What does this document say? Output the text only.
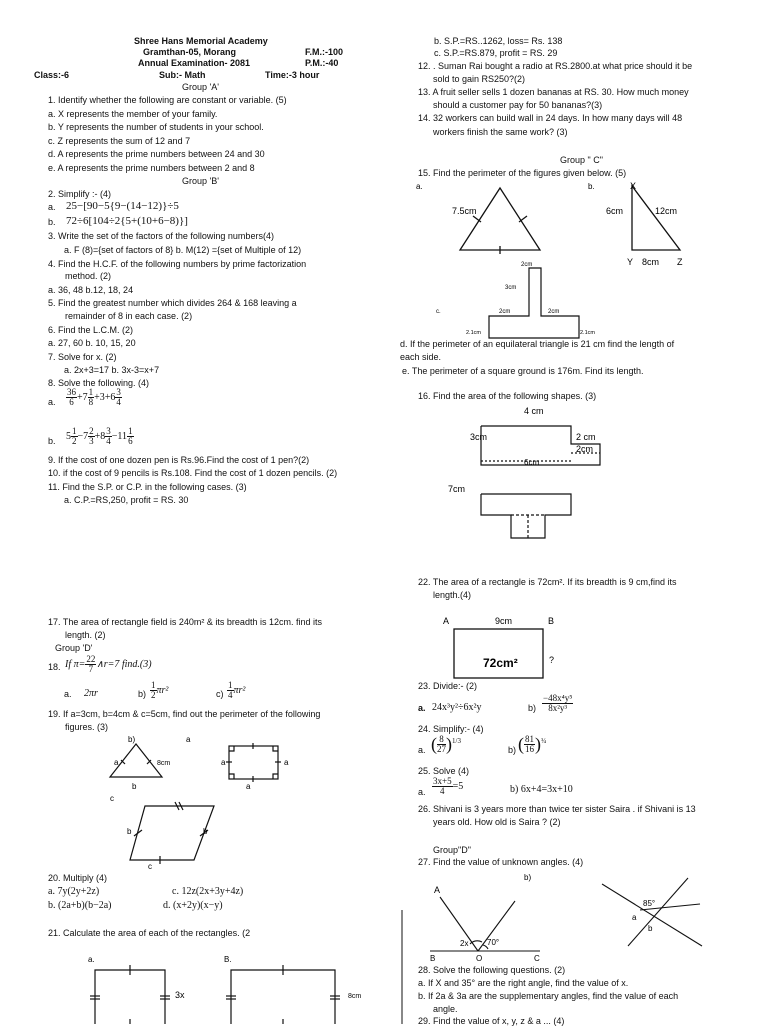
Shree Hans Memorial Academy
Gramthan-05, Morang	F.M.:-100
Annual Examination- 2081	P.M.:-40
Class:-6	Sub:- Math	Time:-3 hour
Group 'A'
1. Identify whether the following are constant or variable. (5)
a. X represents the member of your family.
b. Y represents the number of students in your school.
c. Z represents the sum of 12 and 7
d. A represents the prime numbers between 24 and 30
e. A represents the prime numbers between 2 and 8
Group 'B'
2. Simplify :- (4)
a. 25−[90−5{9−(14−12)}÷5
b. 72÷6[104÷2{5+(10+6−8)}]
3. Write the set of the factors of the following numbers(4)
a. F (8)={set of factors of 8} b. M(12) ={set of Multiple of 12)
4. Find the H.C.F. of the following numbers by prime factorization
method. (2)
a. 36, 48 b.12, 18, 24
5. Find the greatest number which divides 264 & 168 leaving a
remainder of 8 in each case. (2)
6. Find the L.C.M. (2)
a. 27, 60 b. 10, 15, 20
7. Solve for x. (2)
a. 2x+3=17 b. 3x-3=x+7
8. Solve the following. (4)
a. $\frac{36}{6} +7 \frac{1}{8} +3+6 \frac{3}{4}$
b. $5 \frac{1}{2} -7 \frac{2}{3} +8 \frac{3}{4} -11 \frac{1}{6}$
9. If the cost of one dozen pen is Rs.96.Find the cost of 1 pen?(2)
10. if the cost of 9 pencils is Rs.108. Find the cost of 1 dozen pencils. (2)
11. Find the S.P. or C.P. in the following cases. (3)
a. C.P.=RS,250, profit = RS. 30
17. The area of rectangle field is 240m² & its breadth is 12cm. find its
length. (2)
Group 'D'
18. If $\pi= \frac{22}{7}$ ∧r=7 find.(3)
a. 2πr	$b) \frac{1}{2} \pi r^2$	$c) \frac{1}{4} \pi r^2$
19. If a=3cm, b=4cm & c=5cm, find out the perimeter of the following
figures. (3)
20. Multiply (4)
a. 7y(2y+2z)	c. 12z(2x+3y+4z)
b. (2a+b)(b−2a)	d. (x+2y)(x−y)
21. Calculate the area of each of the rectangles. (2
b. S.P.=RS..1262, loss= Rs. 138
c. S.P.=RS.879, profit = RS. 29
12. . Suman Rai bought a radio at RS.2800.at what price should it be
sold to gain RS250?(2)
13. A fruit seller sells 1 dozen bananas at RS. 30. How much money
should a customer pay for 50 bananas?(3)
14. 32 workers can build wall in 24 days. In how many days will 48
workers finish the same work? (3)
Group " C"
15. Find the perimeter of the figures given below. (5)
d. If the perimeter of an equilateral triangle is 21 cm find the length of
each side.
e. The perimeter of a square ground is 176m. Find its length.
16. Find the area of the following shapes. (3)
22. The area of a rectangle is 72cm². If its breadth is 9 cm,find its
length.(4)
23. Divide:- (2)
a. 24x³y²÷6x²y	$b) \frac{\text{−48x⁴y⁵}}{\text{8x²y³}}$
24. Simplify:- (4)
a. ( $\frac{8}{27} )^{1/3}$
b) ( $\frac{81}{16} )^{\frac{3}{4}}$
25. Solve (4)
a. $\frac{3x+5}{4} =5$	b) 6x+4=3x+10
26. Shivani is 3 years more than twice ter sister Saira . if Shivani is 13
years old. How old is Saira ? (2)
Group"D"
27. Find the value of unknown angles. (4)
28. Solve the following questions. (2)
a. If X and 35° are the right angle, find the value of x.
b. If 2a & 3a are the supplementary angles, find the value of each
angle.
29. Find the value of x, y, z & a ... (4)
a.
7.5cm
b.	X
6cm	12cm
Y 8cm Z
c.
2cm
3cm
2cm	2cm
2.1cm	2.1cm
4 cm
3cm	2 cm
2cm
6cm
7cm
A	9cm	B
72cm²	?
b)	a
a	8cm
b
a	a
a
c
b	b
c
a.
3x
B.
8cm
A
b)
2x 70°
B	O	C
85°
a
b
